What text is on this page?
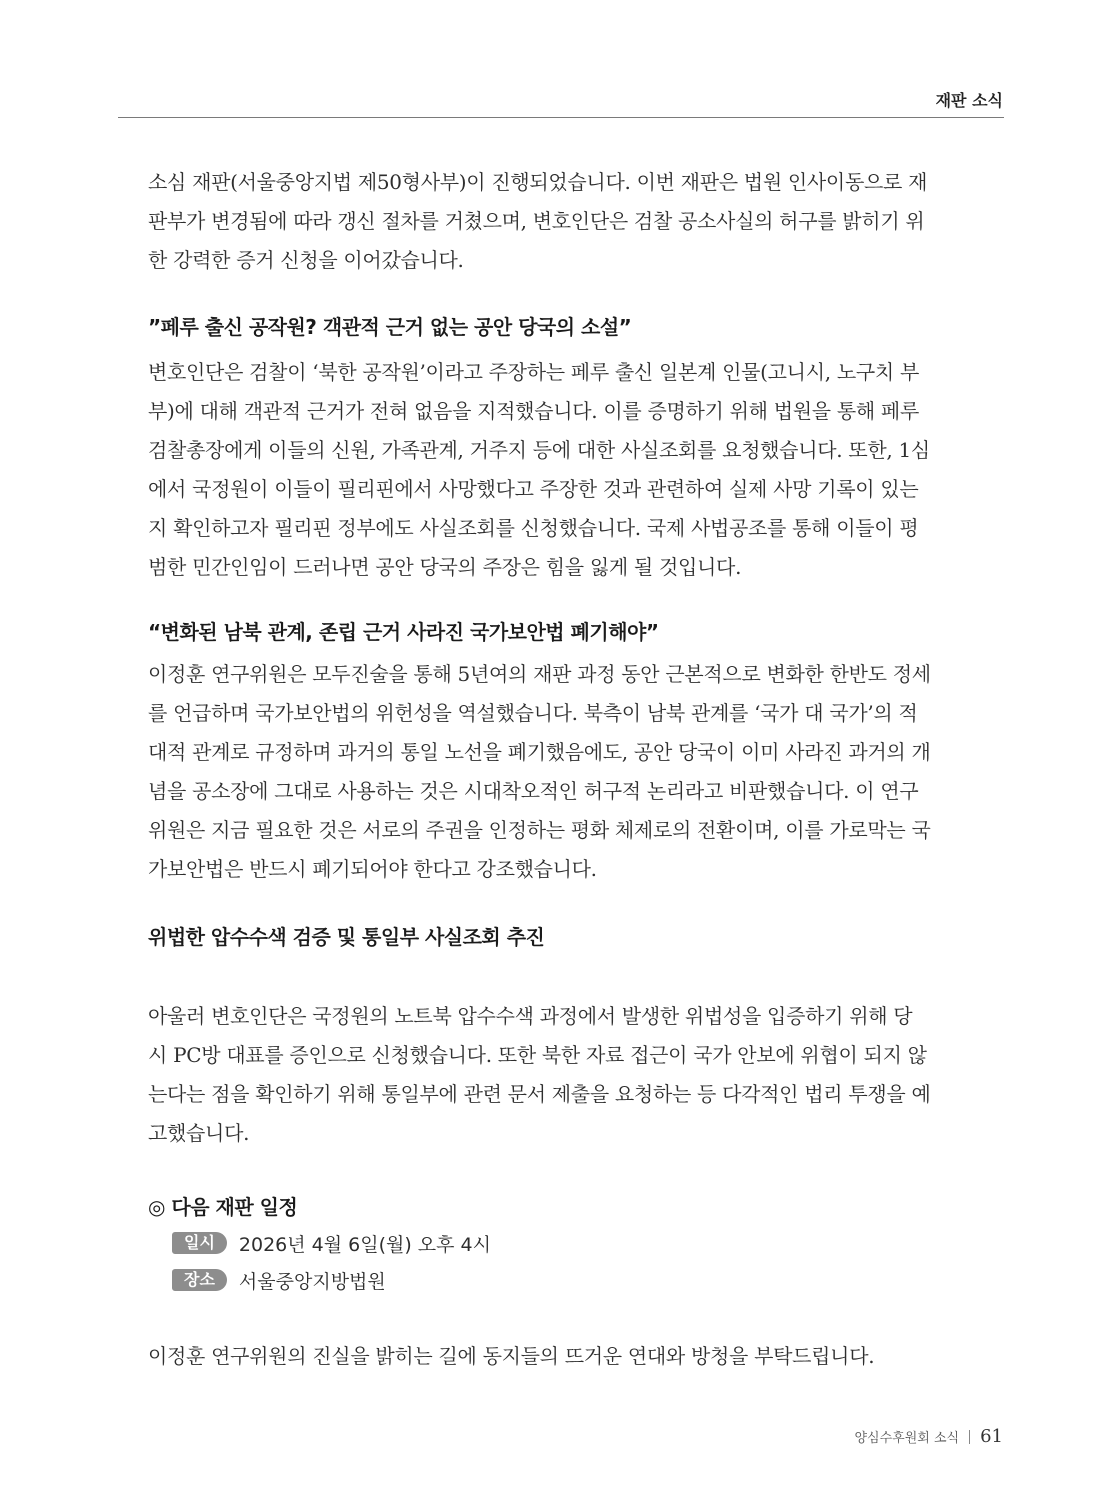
재판 소식

소심 재판(서울중앙지법 제50형사부)이 진행되었습니다. 이번 재판은 법원 인사이동으로 재
판부가 변경됨에 따라 갱신 절차를 거쳤으며, 변호인단은 검찰 공소사실의 허구를 밝히기 위
한 강력한 증거 신청을 이어갔습니다.

”페루 출신 공작원? 객관적 근거 없는 공안 당국의 소설”

변호인단은 검찰이 ‘북한 공작원’이라고 주장하는 페루 출신 일본계 인물(고니시, 노구치 부
부)에 대해 객관적 근거가 전혀 없음을 지적했습니다. 이를 증명하기 위해 법원을 통해 페루
검찰총장에게 이들의 신원, 가족관계, 거주지 등에 대한 사실조회를 요청했습니다. 또한, 1심
에서 국정원이 이들이 필리핀에서 사망했다고 주장한 것과 관련하여 실제 사망 기록이 있는
지 확인하고자 필리핀 정부에도 사실조회를 신청했습니다. 국제 사법공조를 통해 이들이 평
범한 민간인임이 드러나면 공안 당국의 주장은 힘을 잃게 될 것입니다.

“변화된 남북 관계, 존립 근거 사라진 국가보안법 폐기해야”

이정훈 연구위원은 모두진술을 통해 5년여의 재판 과정 동안 근본적으로 변화한 한반도 정세
를 언급하며 국가보안법의 위헌성을 역설했습니다. 북측이 남북 관계를 ‘국가 대 국가’의 적
대적 관계로 규정하며 과거의 통일 노선을 폐기했음에도, 공안 당국이 이미 사라진 과거의 개
념을 공소장에 그대로 사용하는 것은 시대착오적인 허구적 논리라고 비판했습니다. 이 연구
위원은 지금 필요한 것은 서로의 주권을 인정하는 평화 체제로의 전환이며, 이를 가로막는 국
가보안법은 반드시 폐기되어야 한다고 강조했습니다.

위법한 압수수색 검증 및 통일부 사실조회 추진

아울러 변호인단은 국정원의 노트북 압수수색 과정에서 발생한 위법성을 입증하기 위해 당
시 PC방 대표를 증인으로 신청했습니다. 또한 북한 자료 접근이 국가 안보에 위협이 되지 않
는다는 점을 확인하기 위해 통일부에 관련 문서 제출을 요청하는 등 다각적인 법리 투쟁을 예
고했습니다.

◎ 다음 재판 일정
일시	2026년 4월 6일(월) 오후 4시
장소	서울중앙지방법원

이정훈 연구위원의 진실을 밝히는 길에 동지들의 뜨거운 연대와 방청을 부탁드립니다.

양심수후원회 소식 61
